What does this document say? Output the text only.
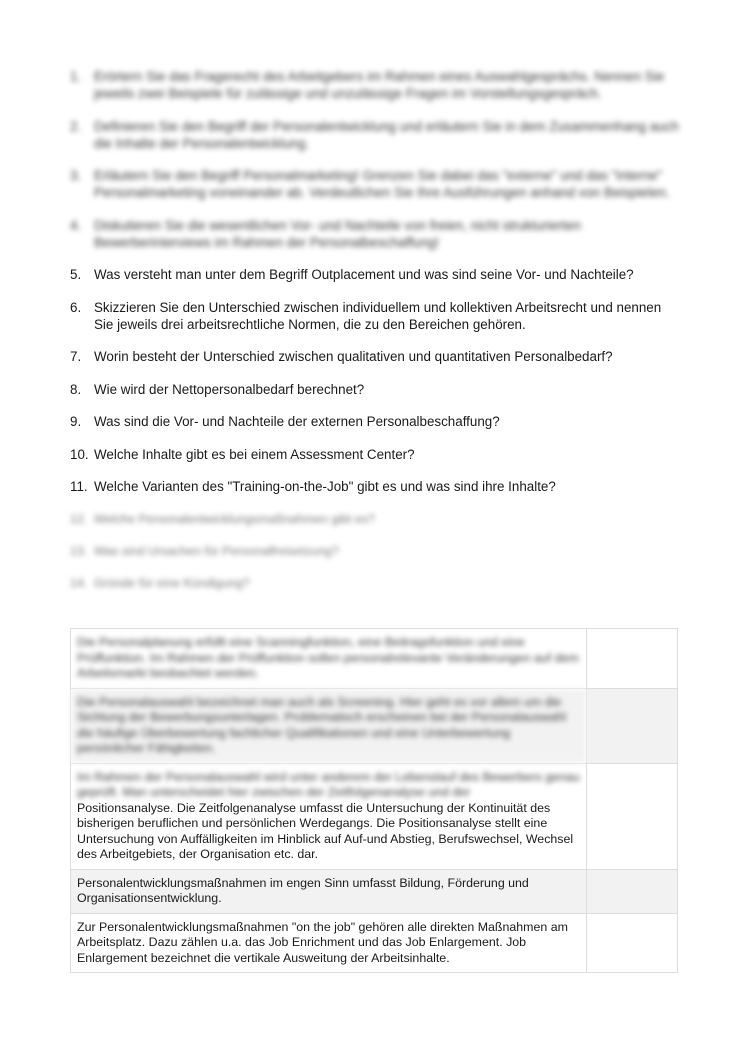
1. Erörtern Sie das Fragerecht des Arbeitgebers im Rahmen eines Auswahlgesprächs. Nennen Sie jeweils zwei Beispiele für zulässige und unzulässige Fragen im Vorstellungsgespräch.
2. Definieren Sie den Begriff der Personalentwicklung und erläutern Sie in dem Zusammenhang auch die Inhalte der Personalentwicklung.
3. Erläutern Sie den Begriff Personalmarketing! Grenzen Sie dabei das "externe" und das "interne" Personalmarketing voneinander ab. Verdeutlichen Sie Ihre Ausführungen anhand von Beispielen.
4. Diskutieren Sie die wesentlichen Vor- und Nachteile von freien, nicht strukturierten Bewerberinterviews im Rahmen der Personalbeschaffung!
5. Was versteht man unter dem Begriff Outplacement und was sind seine Vor- und Nachteile?
6. Skizzieren Sie den Unterschied zwischen individuellem und kollektiven Arbeitsrecht und nennen Sie jeweils drei arbeitsrechtliche Normen, die zu den Bereichen gehören.
7. Worin besteht der Unterschied zwischen qualitativen und quantitativen Personalbedarf?
8. Wie wird der Nettopersonalbedarf berechnet?
9. Was sind die Vor- und Nachteile der externen Personalbeschaffung?
10. Welche Inhalte gibt es bei einem Assessment Center?
11. Welche Varianten des "Training-on-the-Job" gibt es und was sind ihre Inhalte?
12. Welche Personalentwicklungsmaßnahmen gibt es?
13. Was sind Ursachen für Personalfreisetzung?
14. Gründe für eine Kündigung?
Die Personalplanung erfüllt eine Scanningfunktion, eine Beitragsfunktion und eine Prüffunktion. Im Rahmen der Prüffunktion sollen personalrelevante Veränderungen auf dem Arbeitsmarkt beobachtet werden.	
Die Personalauswahl bezeichnet man auch als Screening. Hier geht es vor allem um die Sichtung der Bewerbungsunterlagen. Problematisch erscheinen bei der Personalauswahl die häufige Überbewertung fachlicher Qualifikationen und eine Unterbewertung persönlicher Fähigkeiten.	

Im Rahmen der Personalauswahl wird unter anderem der Lebenslauf des Bewerbers genau geprüft. Man unterscheidet hier zwischen der Zeitfolgenanalyse und der
Positionsanalyse. Die Zeitfolgenanalyse umfasst die Untersuchung der Kontinuität des bisherigen beruflichen und persönlichen Werdegangs. Die Positionsanalyse stellt eine Untersuchung von Auffälligkeiten im Hinblick auf Auf-und Abstieg, Berufswechsel, Wechsel des Arbeitgebiets, der Organisation etc. dar.	

Personalentwicklungsmaßnahmen im engen Sinn umfasst Bildung, Förderung und Organisationsentwicklung.	
Zur Personalentwicklungsmaßnahmen "on the job" gehören alle direkten Maßnahmen am Arbeitsplatz. Dazu zählen u.a. das Job Enrichment und das Job Enlargement. Job Enlargement bezeichnet die vertikale Ausweitung der Arbeitsinhalte.	
